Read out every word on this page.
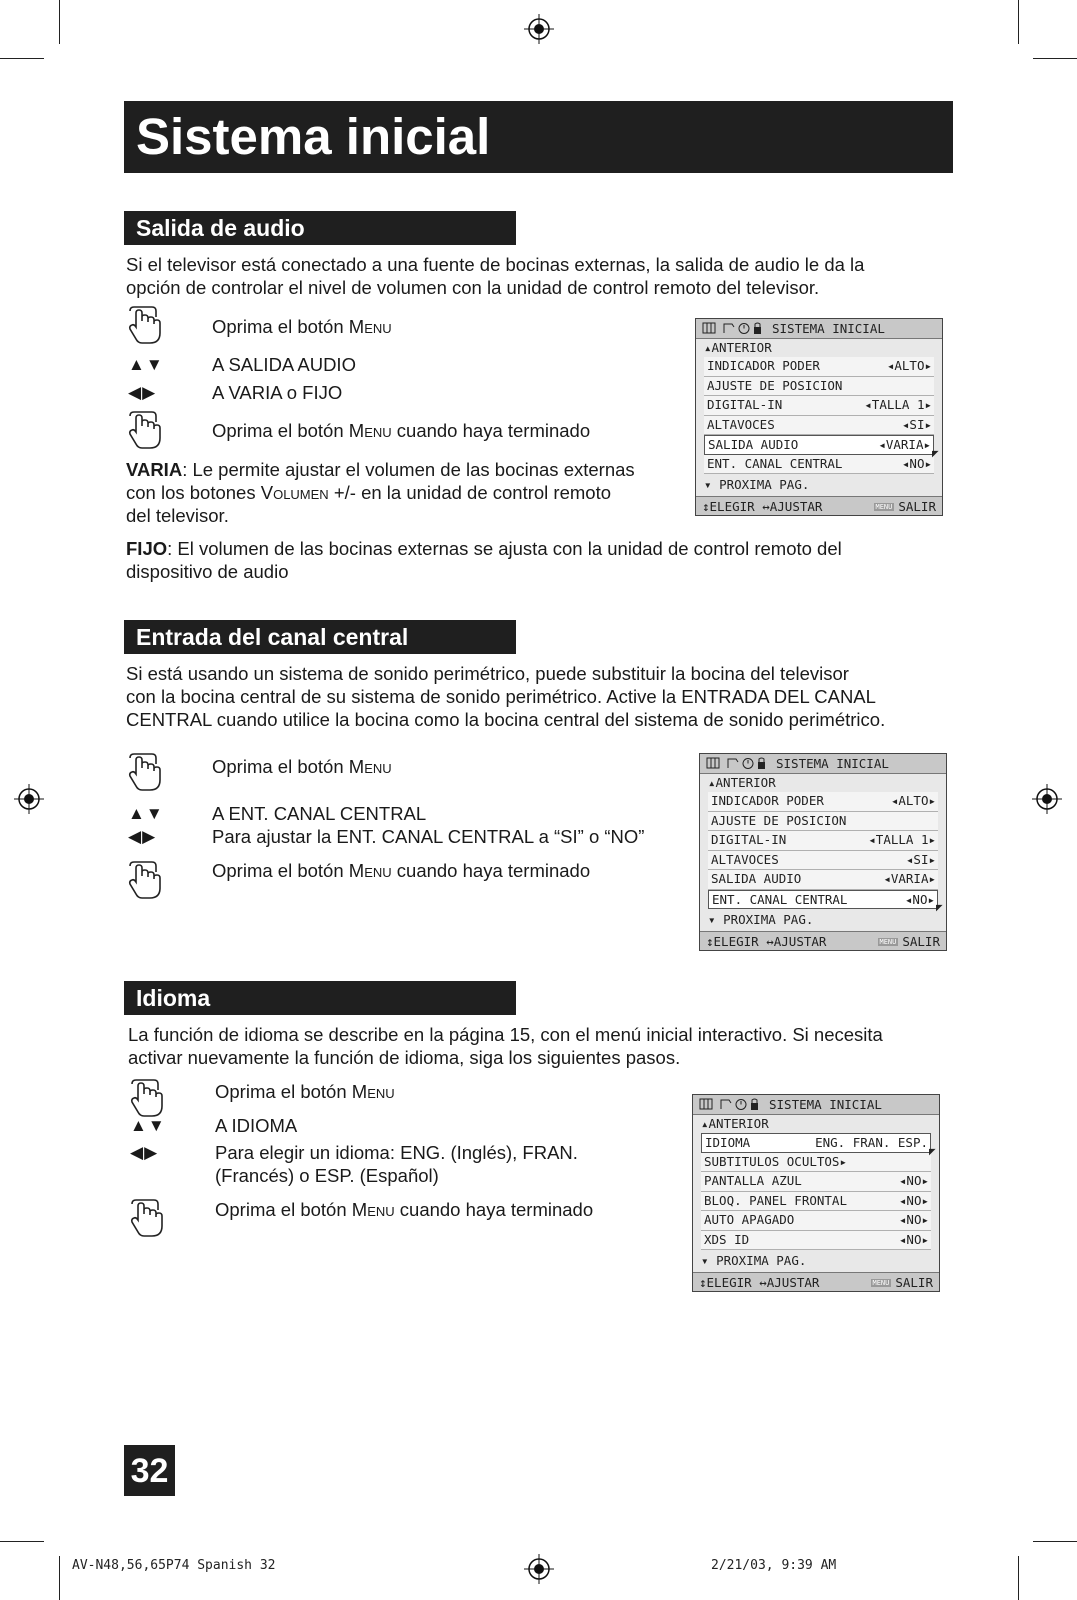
Sistema inicial
Salida de audio
Si el televisor está conectado a una fuente de bocinas externas, la salida de audio le da la
opción de controlar el nivel de volumen con la unidad de control remoto del televisor.
Oprima el botón Menu
▲▼	A SALIDA AUDIO
◀▶	A VARIA o FIJO
Oprima el botón Menu cuando haya terminado
VARIA: Le permite ajustar el volumen de las bocinas externas
con los botones Volumen +/- en la unidad de control remoto
del televisor.
FIJO: El volumen de las bocinas externas se ajusta con la unidad de control remoto del
dispositivo de audio
SISTEMA INICIAL
▴ANTERIOR
INDICADOR PODER	◂ALTO▸
AJUSTE DE POSICION
DIGITAL-IN	◂TALLA 1▸
ALTAVOCES	◂SI▸
SALIDA AUDIO	◂VARIA▸
ENT. CANAL CENTRAL	◂NO▸
▾ PROXIMA PAG.
↕ELEGIR ↔AJUSTAR	MENU SALIR
◤
Entrada del canal central
Si está usando un sistema de sonido perimétrico, puede substituir la bocina del televisor
con la bocina central de su sistema de sonido perimétrico. Active la ENTRADA DEL CANAL
CENTRAL cuando utilice la bocina como la bocina central del sistema de sonido perimétrico.
Oprima el botón Menu
▲▼	A ENT. CANAL CENTRAL
◀▶	Para ajustar la ENT. CANAL CENTRAL a “SI” o “NO”
Oprima el botón Menu cuando haya terminado
SISTEMA INICIAL
▴ANTERIOR
INDICADOR PODER	◂ALTO▸
AJUSTE DE POSICION
DIGITAL-IN	◂TALLA 1▸
ALTAVOCES	◂SI▸
SALIDA AUDIO	◂VARIA▸
ENT. CANAL CENTRAL	◂NO▸
▾ PROXIMA PAG.
↕ELEGIR ↔AJUSTAR	MENU SALIR
◤
Idioma
La función de idioma se describe en la página 15, con el menú inicial interactivo. Si necesita
activar nuevamente la función de idioma, siga los siguientes pasos.
Oprima el botón Menu
▲▼	A IDIOMA
◀▶	Para elegir un idioma: ENG. (Inglés), FRAN.
(Francés) o ESP. (Español)
Oprima el botón Menu cuando haya terminado
SISTEMA INICIAL
▴ANTERIOR
IDIOMA	ENG. FRAN. ESP.
SUBTITULOS OCULTOS▸
PANTALLA AZUL	◂NO▸
BLOQ. PANEL FRONTAL	◂NO▸
AUTO APAGADO	◂NO▸
XDS ID	◂NO▸
▾ PROXIMA PAG.
↕ELEGIR ↔AJUSTAR	MENU SALIR
◤
32
AV-N48,56,65P74 Spanish 32	2/21/03, 9:39 AM
